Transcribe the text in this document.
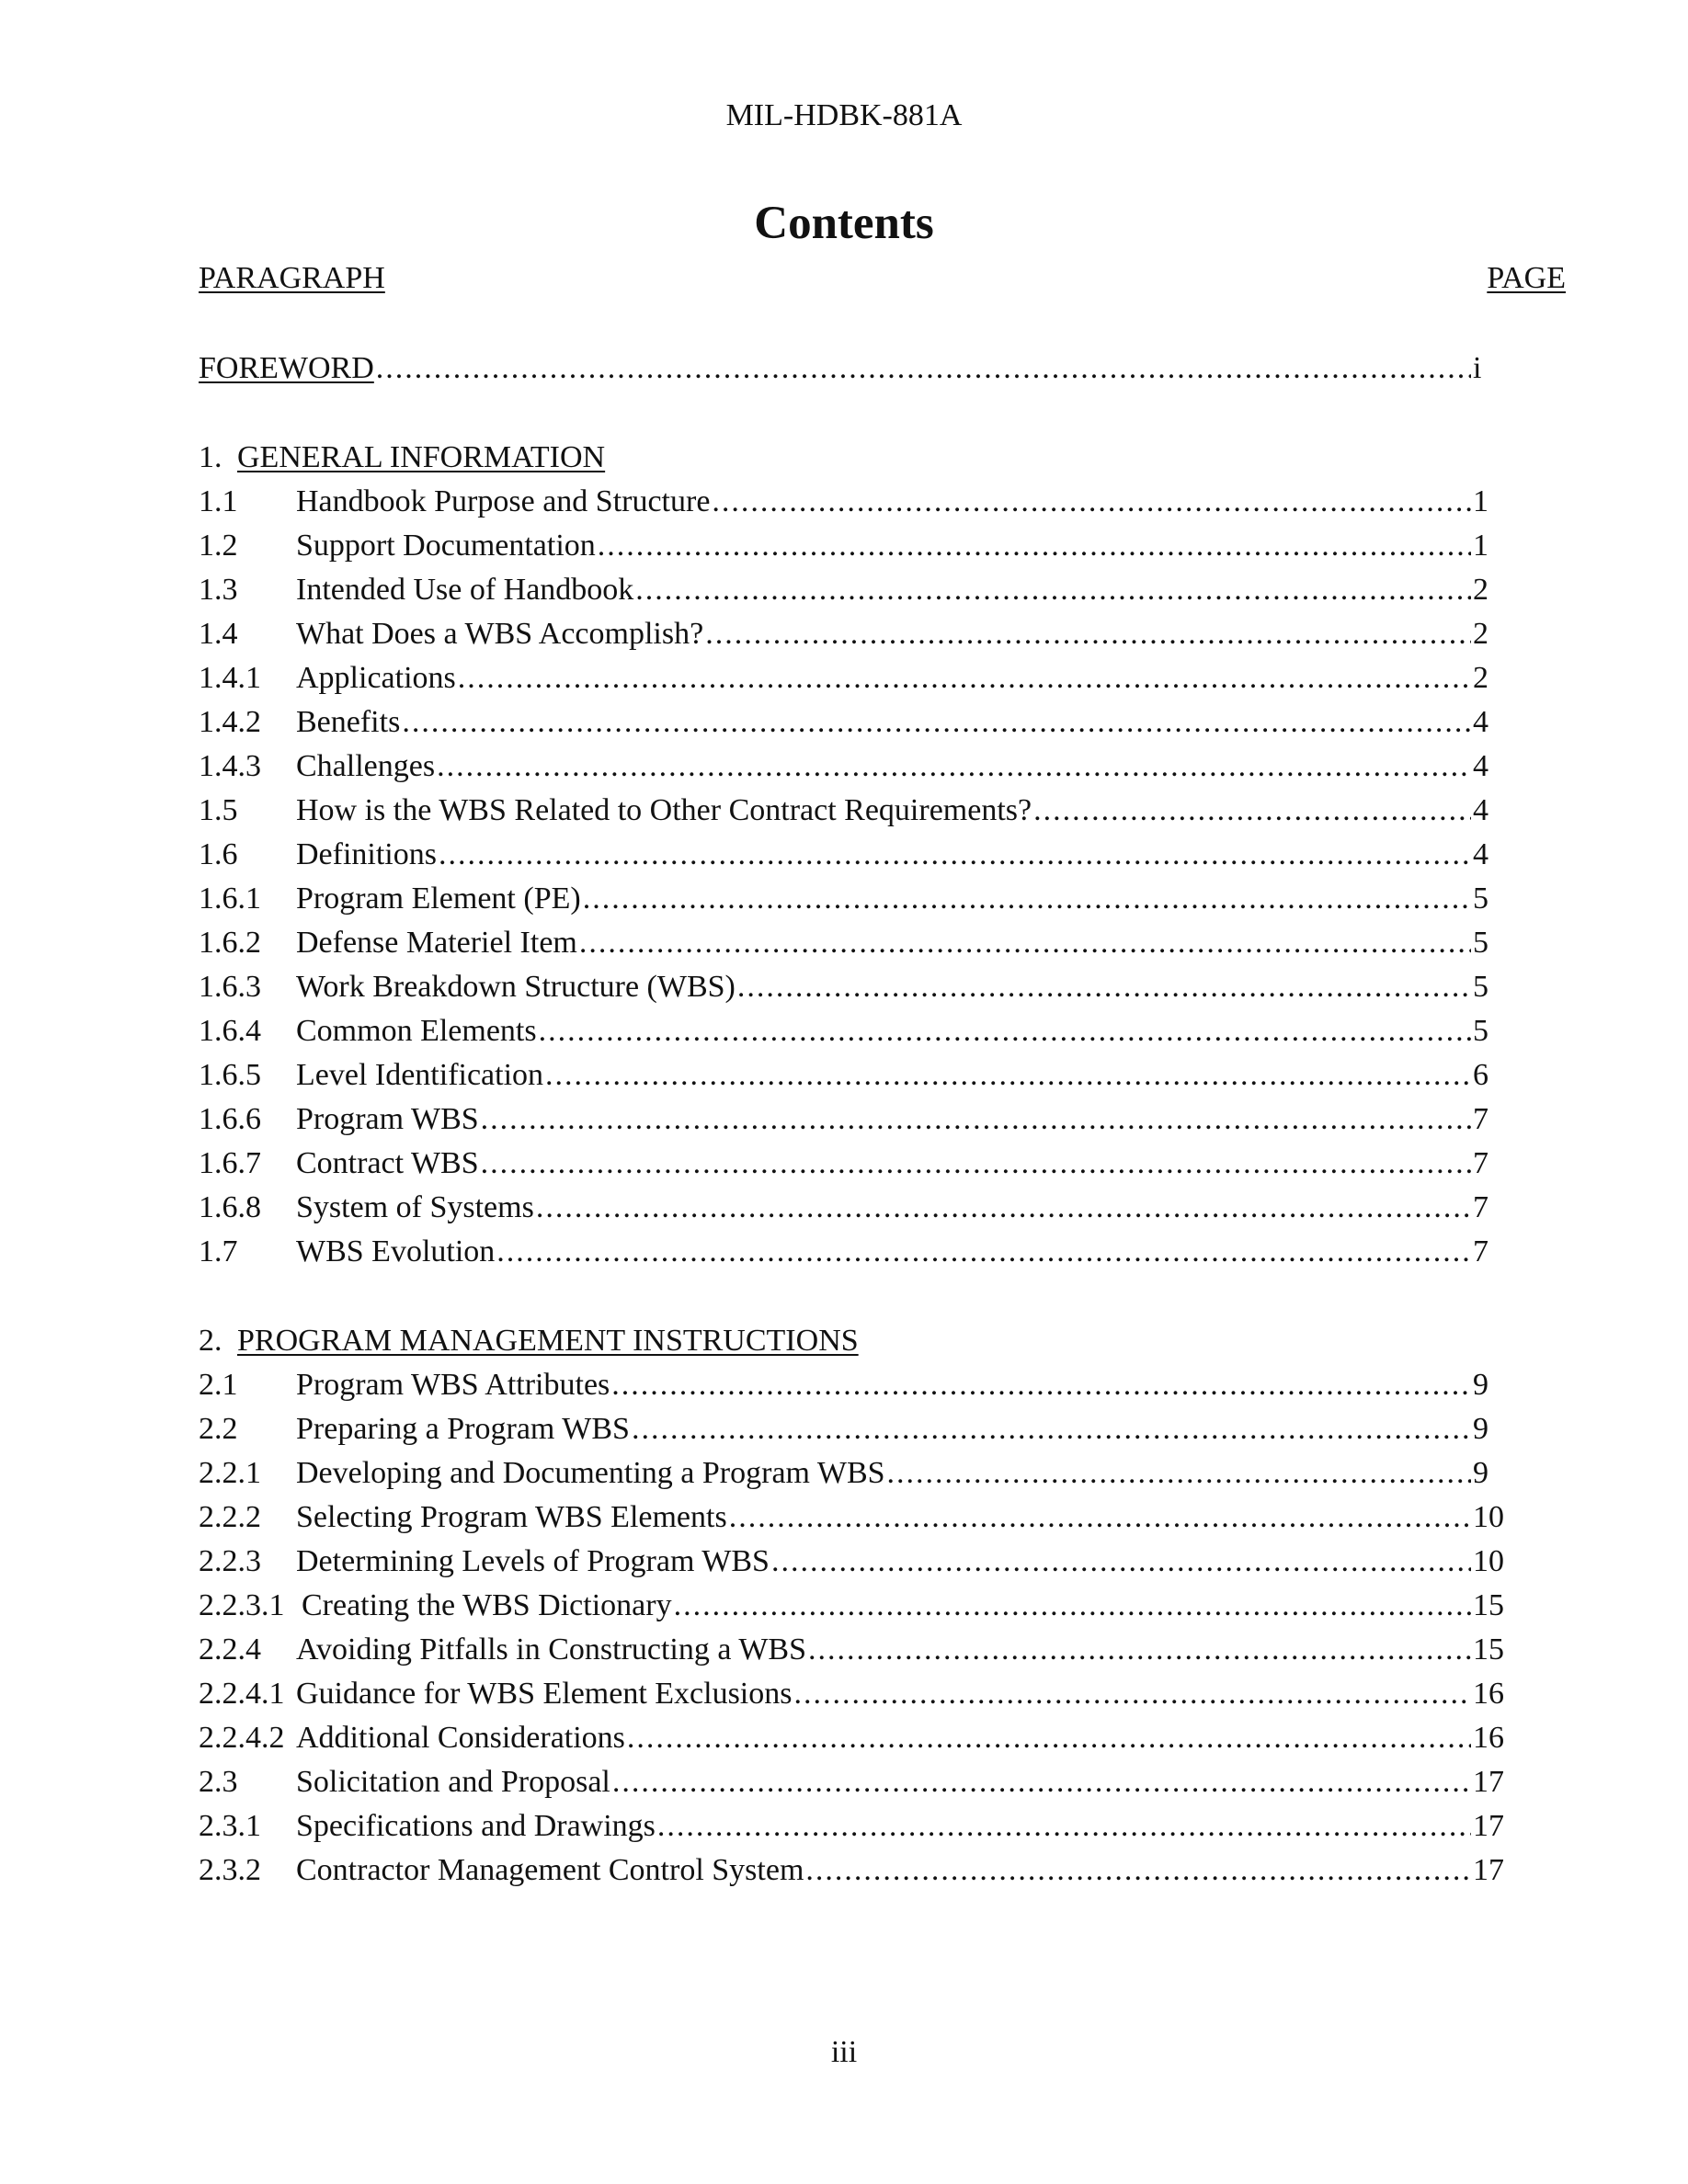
MIL-HDBK-881A
Contents
PARAGRAPH	PAGE
FOREWORD .....	i
1. GENERAL INFORMATION
1.1	Handbook Purpose and Structure .....	1
1.2	Support Documentation .....	1
1.3	Intended Use of Handbook .....	2
1.4	What Does a WBS Accomplish? .....	2
1.4.1	Applications .....	2
1.4.2	Benefits .....	4
1.4.3	Challenges .....	4
1.5	How is the WBS Related to Other Contract Requirements? .....	4
1.6	Definitions .....	4
1.6.1	Program Element (PE) .....	5
1.6.2	Defense Materiel Item .....	5
1.6.3	Work Breakdown Structure (WBS) .....	5
1.6.4	Common Elements .....	5
1.6.5	Level Identification .....	6
1.6.6	Program WBS .....	7
1.6.7	Contract WBS .....	7
1.6.8	System of Systems .....	7
1.7	WBS Evolution .....	7
2. PROGRAM MANAGEMENT INSTRUCTIONS
2.1	Program WBS Attributes .....	9
2.2	Preparing a Program WBS .....	9
2.2.1	Developing and Documenting a Program WBS .....	9
2.2.2	Selecting Program WBS Elements .....	10
2.2.3	Determining Levels of Program WBS .....	10
2.2.3.1 Creating the WBS Dictionary .....	15
2.2.4	Avoiding Pitfalls in Constructing a WBS .....	15
2.2.4.1 Guidance for WBS Element Exclusions .....	16
2.2.4.2 Additional Considerations .....	16
2.3	Solicitation and Proposal .....	17
2.3.1	Specifications and Drawings .....	17
2.3.2	Contractor Management Control System .....	17
iii
